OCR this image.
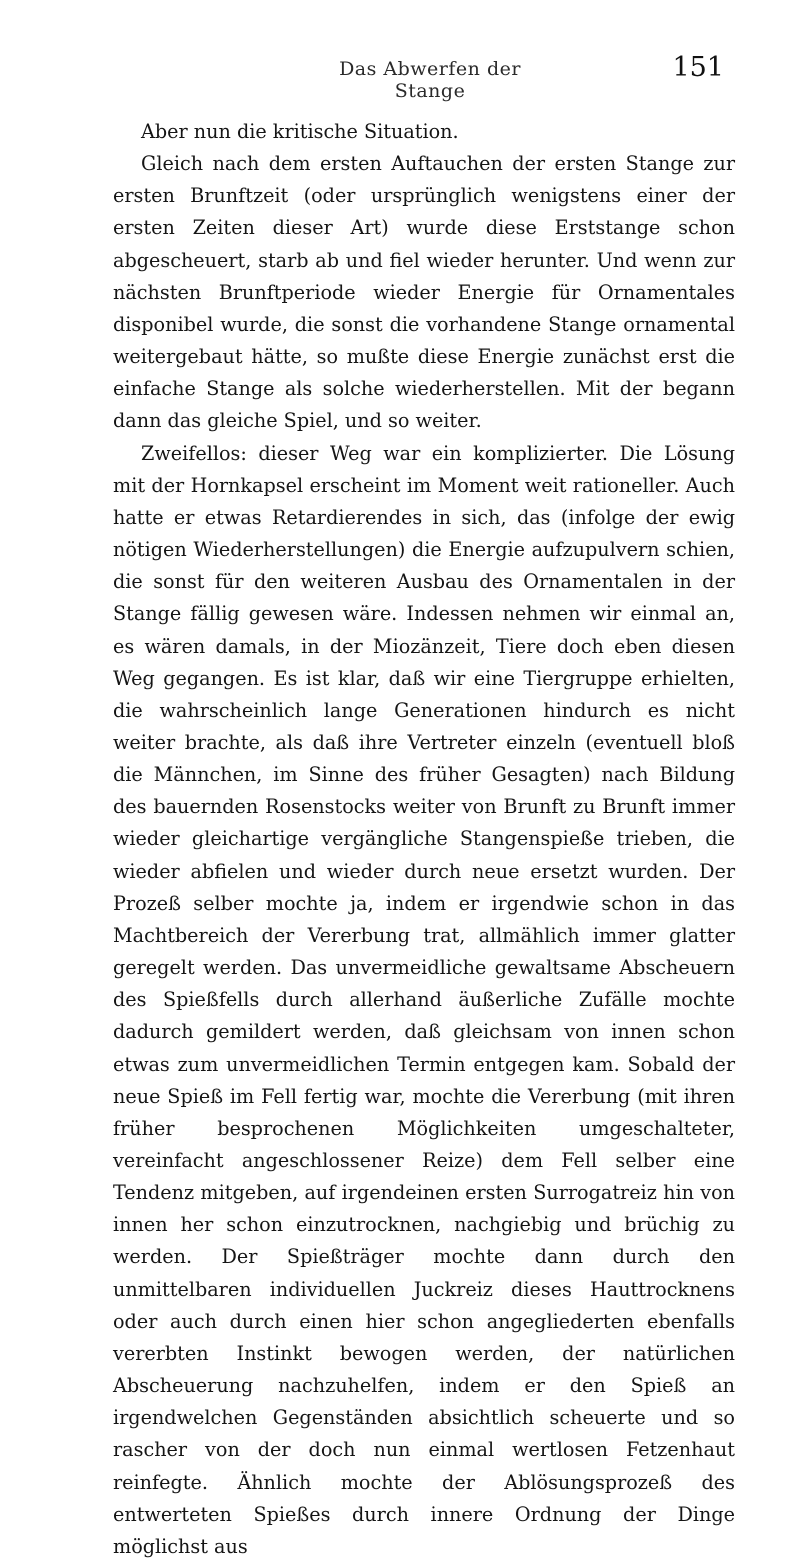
Das Abwerfen der Stange
151

Aber nun die kritische Situation.

Gleich nach dem ersten Auftauchen der ersten Stange zur ersten Brunftzeit (oder ursprünglich wenigstens einer der ersten Zeiten dieser Art) wurde diese Erststange schon abgescheuert, starb ab und fiel wieder herunter. Und wenn zur nächsten Brunftperiode wieder Energie für Ornamentales disponibel wurde, die sonst die vorhandene Stange ornamental weitergebaut hätte, so mußte diese Energie zunächst erst die einfache Stange als solche wiederherstellen. Mit der begann dann das gleiche Spiel, und so weiter.

Zweifellos: dieser Weg war ein komplizierter. Die Lösung mit der Hornkapsel erscheint im Moment weit rationeller. Auch hatte er etwas Retardierendes in sich, das (infolge der ewig nötigen Wiederherstellungen) die Energie aufzupulvern schien, die sonst für den weiteren Ausbau des Ornamentalen in der Stange fällig gewesen wäre. Indessen nehmen wir einmal an, es wären damals, in der Miozänzeit, Tiere doch eben diesen Weg gegangen. Es ist klar, daß wir eine Tiergruppe erhielten, die wahrscheinlich lange Generationen hindurch es nicht weiter brachte, als daß ihre Vertreter einzeln (eventuell bloß die Männchen, im Sinne des früher Gesagten) nach Bildung des bauernden Rosenstocks weiter von Brunft zu Brunft immer wieder gleichartige vergängliche Stangenspieße trieben, die wieder abfielen und wieder durch neue ersetzt wurden. Der Prozeß selber mochte ja, indem er irgendwie schon in das Machtbereich der Vererbung trat, allmählich immer glatter geregelt werden. Das unvermeidliche gewaltsame Abscheuern des Spießfells durch allerhand äußerliche Zufälle mochte dadurch gemildert werden, daß gleichsam von innen schon etwas zum unvermeidlichen Termin entgegen kam. Sobald der neue Spieß im Fell fertig war, mochte die Vererbung (mit ihren früher besprochenen Möglichkeiten umgeschalteter, vereinfacht angeschlossener Reize) dem Fell selber eine Tendenz mitgeben, auf irgendeinen ersten Surrogatreiz hin von innen her schon einzutrocknen, nachgiebig und brüchig zu werden. Der Spießträger mochte dann durch den unmittelbaren individuellen Juckreiz dieses Hauttrocknens oder auch durch einen hier schon angegliederten ebenfalls vererbten Instinkt bewogen werden, der natürlichen Abscheuerung nachzuhelfen, indem er den Spieß an irgendwelchen Gegenständen absichtlich scheuerte und so rascher von der doch nun einmal wertlosen Fetzenhaut reinfegte. Ähnlich mochte der Ablösungsprozeß des entwerteten Spießes durch innere Ordnung der Dinge möglichst aus
